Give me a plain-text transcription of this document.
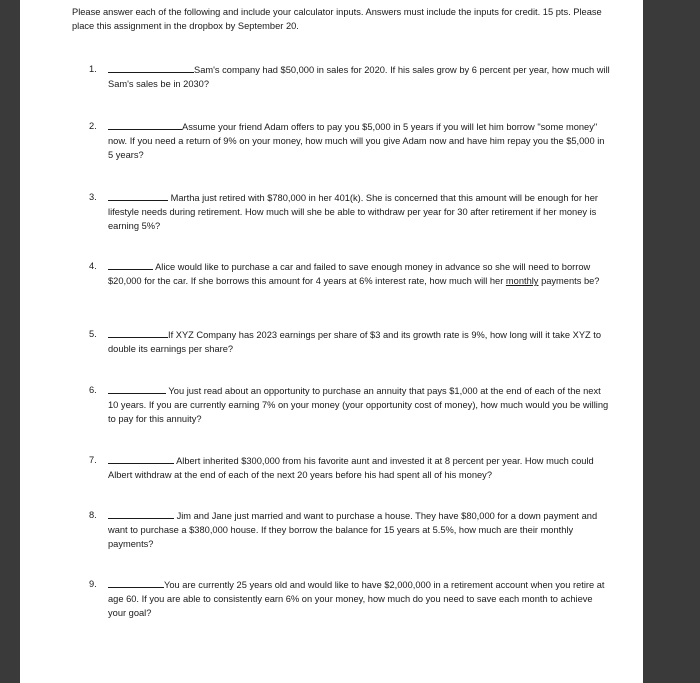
Please answer each of the following and include your calculator inputs. Answers must include the inputs for credit. 15 pts. Please place this assignment in the dropbox by September 20.
1.	Sam's company had $50,000 in sales for 2020. If his sales grow by 6 percent per year, how much will Sam's sales be in 2030?
2.	Assume your friend Adam offers to pay you $5,000 in 5 years if you will let him borrow "some money" now. If you need a return of 9% on your money, how much will you give Adam now and have him repay you the $5,000 in 5 years?
3.	Martha just retired with $780,000 in her 401(k). She is concerned that this amount will be enough for her lifestyle needs during retirement. How much will she be able to withdraw per year for 30 after retirement if her money is earning 5%?
4.	Alice would like to purchase a car and failed to save enough money in advance so she will need to borrow $20,000 for the car. If she borrows this amount for 4 years at 6% interest rate, how much will her monthly payments be?
5.	If XYZ Company has 2023 earnings per share of $3 and its growth rate is 9%, how long will it take XYZ to double its earnings per share?
6.	You just read about an opportunity to purchase an annuity that pays $1,000 at the end of each of the next 10 years. If you are currently earning 7% on your money (your opportunity cost of money), how much would you be willing to pay for this annuity?
7.	Albert inherited $300,000 from his favorite aunt and invested it at 8 percent per year. How much could Albert withdraw at the end of each of the next 20 years before his had spent all of his money?
8.	Jim and Jane just married and want to purchase a house. They have $80,000 for a down payment and want to purchase a $380,000 house. If they borrow the balance for 15 years at 5.5%, how much are their monthly payments?
9.	You are currently 25 years old and would like to have $2,000,000 in a retirement account when you retire at age 60. If you are able to consistently earn 6% on your money, how much do you need to save each month to achieve your goal?
